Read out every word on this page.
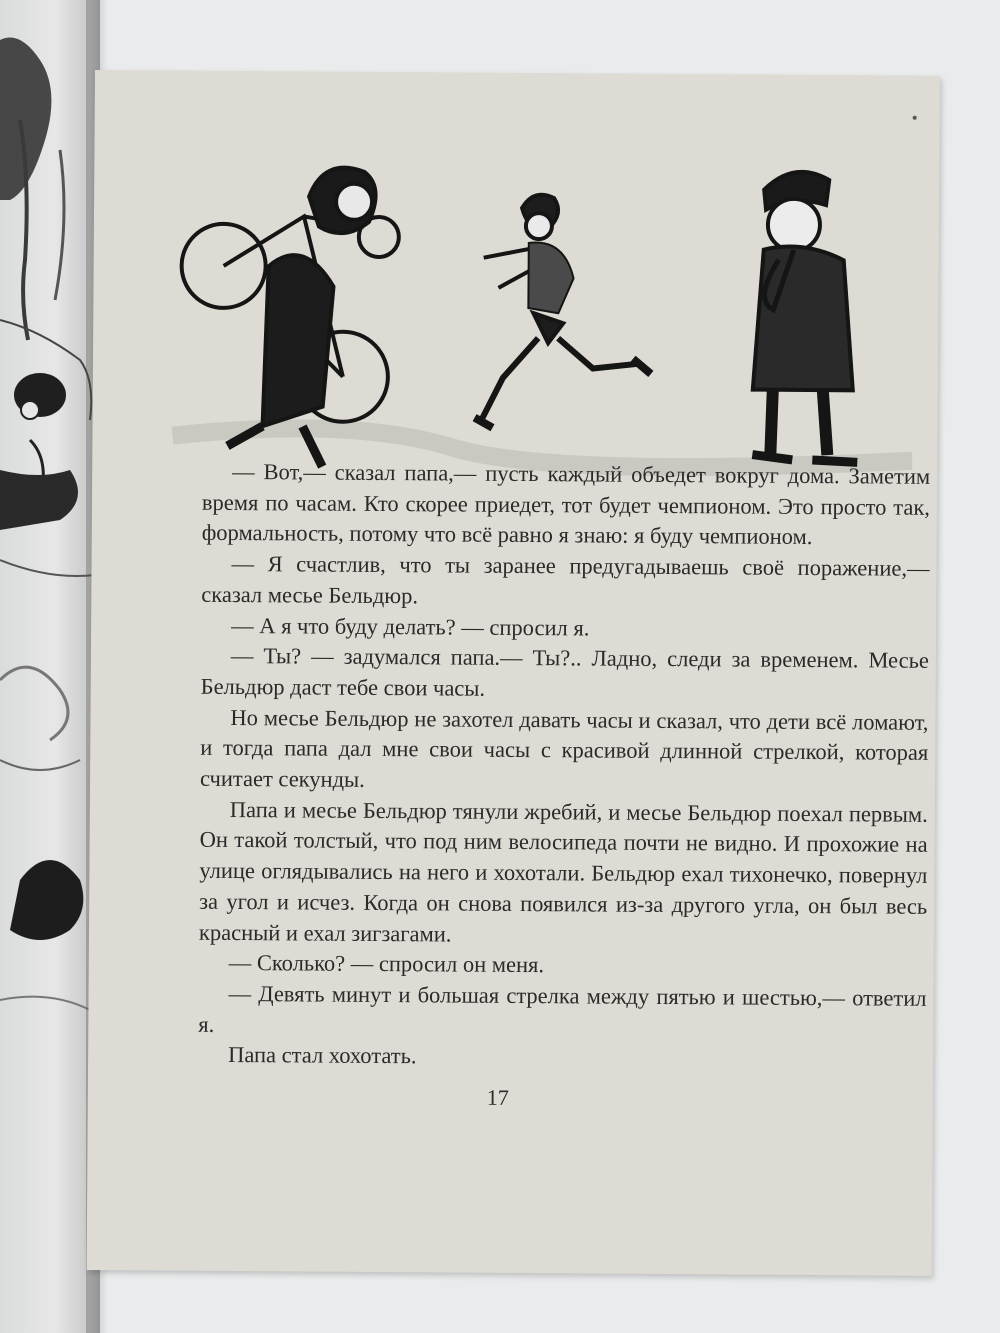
— Вот,— сказал папа,— пусть каждый объедет вокруг дома. Заметим время по часам. Кто скорее приедет, тот будет чемпионом. Это просто так, формальность, потому что всё равно я знаю: я буду чемпионом.

— Я счастлив, что ты заранее предугадываешь своё поражение,— сказал месье Бельдюр.

— А я что буду делать? — спросил я.

— Ты? — задумался папа.— Ты?.. Ладно, следи за временем. Месье Бельдюр даст тебе свои часы.

Но месье Бельдюр не захотел давать часы и сказал, что дети всё ломают, и тогда папа дал мне свои часы с красивой длинной стрелкой, которая считает секунды.

Папа и месье Бельдюр тянули жребий, и месье Бельдюр поехал первым. Он такой толстый, что под ним велосипеда почти не видно. И прохожие на улице оглядывались на него и хохотали. Бельдюр ехал тихонечко, повернул за угол и исчез. Когда он снова появился из-за другого угла, он был весь красный и ехал зигзагами.

— Сколько? — спросил он меня.

— Девять минут и большая стрелка между пятью и шестью,— ответил я.

Папа стал хохотать.

17
